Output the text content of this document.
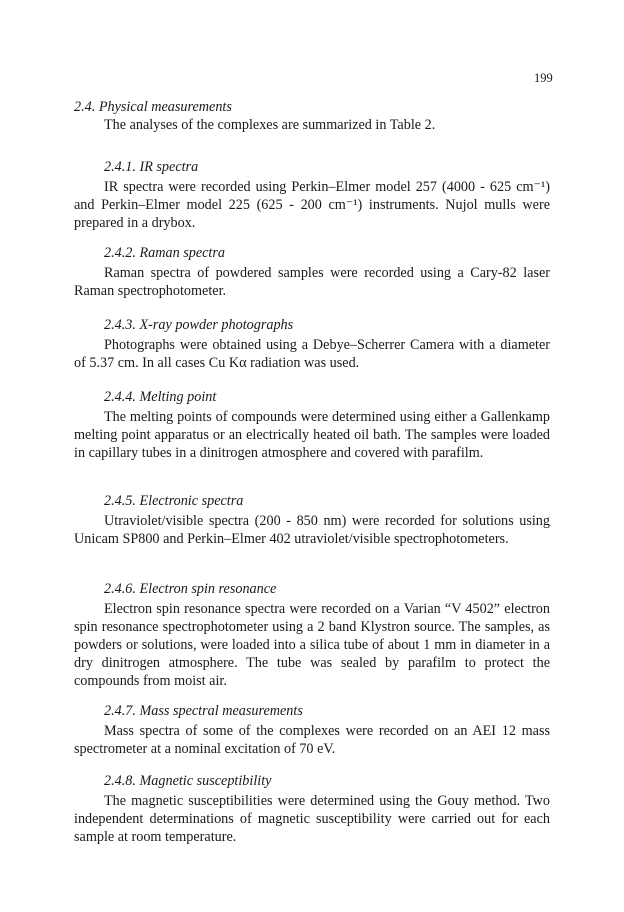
199
2.4. Physical measurements

The analyses of the complexes are summarized in Table 2.

2.4.1. IR spectra

IR spectra were recorded using Perkin–Elmer model 257 (4000 - 625 cm⁻¹) and Perkin–Elmer model 225 (625 - 200 cm⁻¹) instruments. Nujol mulls were prepared in a drybox.

2.4.2. Raman spectra

Raman spectra of powdered samples were recorded using a Cary-82 laser Raman spectrophotometer.

2.4.3. X-ray powder photographs

Photographs were obtained using a Debye–Scherrer Camera with a diameter of 5.37 cm. In all cases Cu Kα radiation was used.

2.4.4. Melting point

The melting points of compounds were determined using either a Gallenkamp melting point apparatus or an electrically heated oil bath. The samples were loaded in capillary tubes in a dinitrogen atmosphere and covered with parafilm.

2.4.5. Electronic spectra

Utraviolet/visible spectra (200 - 850 nm) were recorded for solutions using Unicam SP800 and Perkin–Elmer 402 utraviolet/visible spectrophotometers.

2.4.6. Electron spin resonance

Electron spin resonance spectra were recorded on a Varian “V 4502” electron spin resonance spectrophotometer using a 2 band Klystron source. The samples, as powders or solutions, were loaded into a silica tube of about 1 mm in diameter in a dry dinitrogen atmosphere. The tube was sealed by parafilm to protect the compounds from moist air.

2.4.7. Mass spectral measurements

Mass spectra of some of the complexes were recorded on an AEI 12 mass spectrometer at a nominal excitation of 70 eV.

2.4.8. Magnetic susceptibility

The magnetic susceptibilities were determined using the Gouy method. Two independent determinations of magnetic susceptibility were carried out for each sample at room temperature.
